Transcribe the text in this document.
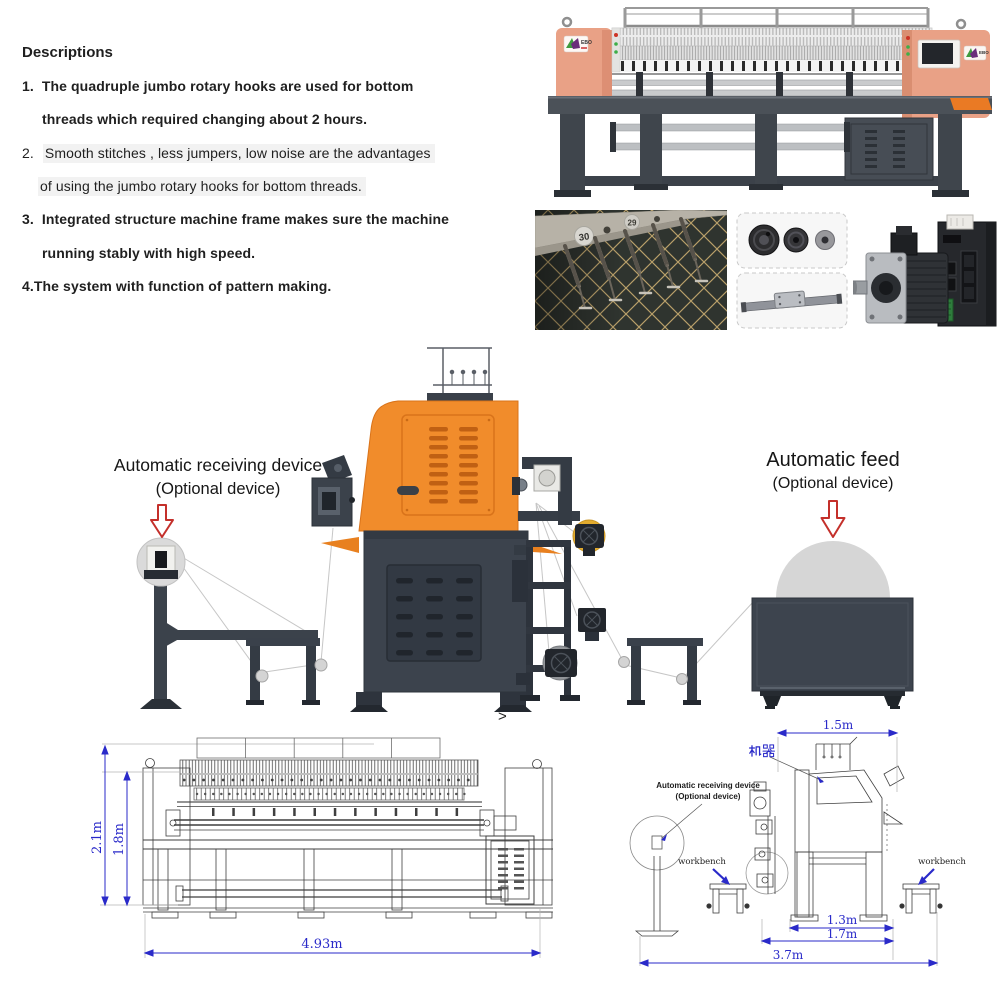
Descriptions
1.  The quadruple jumbo rotary hooks are used for bottom
threads which required changing about 2 hours.
2. Smooth stitches , less jumpers, low noise are the advantages
of using the jumbo rotary hooks for bottom threads.
3.  Integrated structure machine frame makes sure the machine
running stably with high speed.
4.The system with function of pattern making.
EBO
EBO
30
29
Automatic receiving device
(Optional device)
Automatic feed
(Optional device)
>
2.1m 1.8m
4.93m
1.5m
1.3m
1.7m
3.7m
Automatic receiving device
(Optional device)
workbench	workbench
